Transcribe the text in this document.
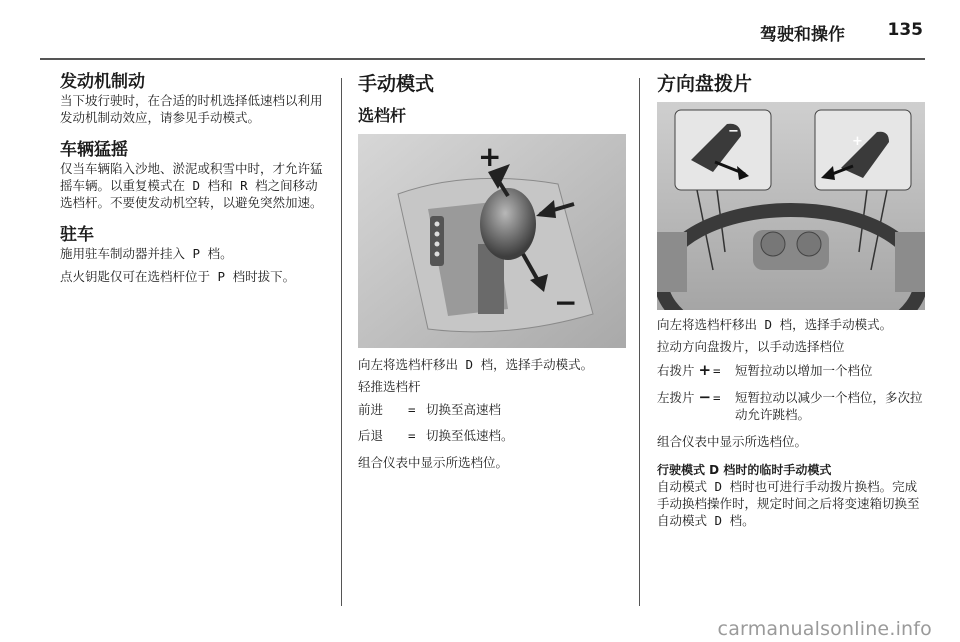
驾驶和操作	135
发动机制动

当下坡行驶时，在合适的时机选择低速档以利用发动机制动效应，请参见手动模式。

车辆猛摇

仅当车辆陷入沙地、淤泥或积雪中时，才允许猛摇车辆。以重复模式在 D 档和 R 档之间移动选档杆。不要使发动机空转，以避免突然加速。

驻车

施用驻车制动器并挂入 P 档。

点火钥匙仅可在选档杆位于 P 档时拔下。

手动模式
选档杆
+
−

向左将选档杆移出 D 档，选择手动模式。

轻推选档杆

前进	= 切换至高速档
后退	= 切换至低速档。

组合仪表中显示所选档位。

方向盘拨片
−
+

向左将选档杆移出 D 档，选择手动模式。

拉动方向盘拨片，以手动选择档位

右拨片 + =	短暂拉动以增加一个档位
左拨片 − =	短暂拉动以减少一个档位，多次拉动允许跳档。

组合仪表中显示所选档位。

行驶模式 D 档时的临时手动模式

自动模式 D 档时也可进行手动拨片换档。完成手动换档操作时，规定时间之后将变速箱切换至自动模式 D 档。

carmanualsonline.info
